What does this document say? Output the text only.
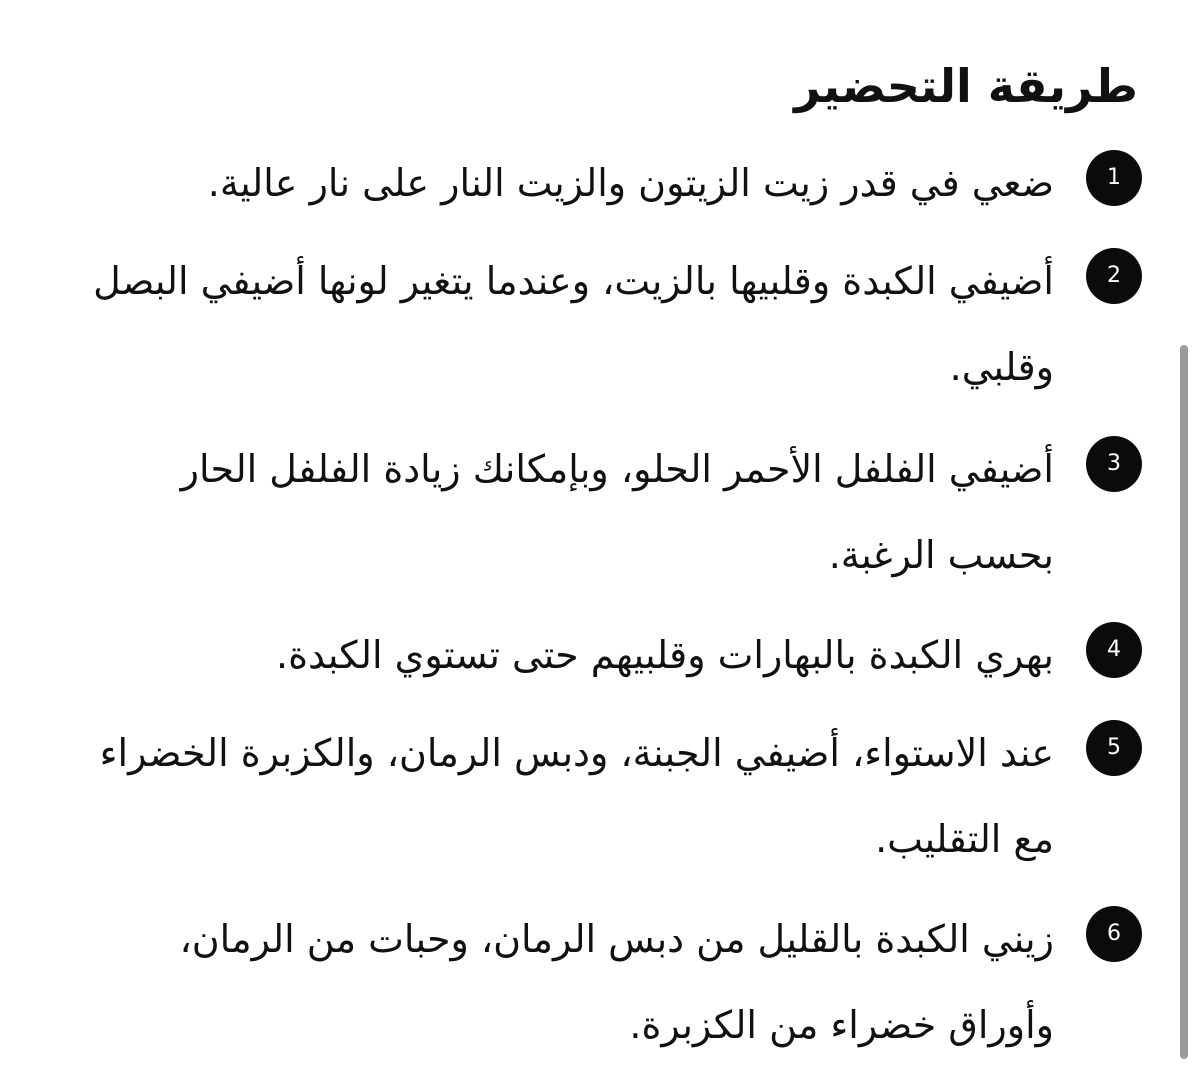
طريقة التحضير
1
ضعي في قدر زيت الزيتون والزيت النار على نار عالية.
2
أضيفي الكبدة وقلبيها بالزيت، وعندما يتغير لونها أضيفي البصل وقلبي.
3
أضيفي الفلفل الأحمر الحلو، وبإمكانك زيادة الفلفل الحار بحسب الرغبة.
4
بهري الكبدة بالبهارات وقلبيهم حتى تستوي الكبدة.
5
عند الاستواء، أضيفي الجبنة، ودبس الرمان، والكزبرة الخضراء مع التقليب.
6
زيني الكبدة بالقليل من دبس الرمان، وحبات من الرمان، وأوراق خضراء من الكزبرة.
